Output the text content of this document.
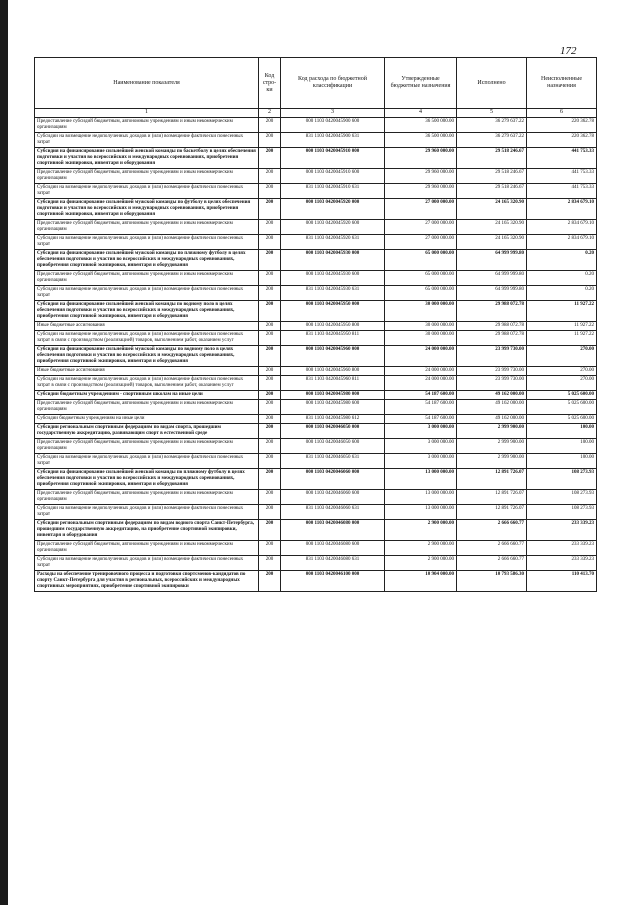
172
Наименование показателя	Код стро-ки	Код расхода по бюджетной классификации	Утвержденные бюджетные назначения	Исполнено	Неисполненные назначения
1	2	3	4	5	6
Предоставление субсидий бюджетным, автономным учреждениям и иным некоммерческим организациям	200	000 1103 0420045900 600	36 500 000.00	36 279 637.22	220 362.78
Субсидии на возмещение недополученных доходов и (или) возмещение фактически понесенных затрат	200	831 1103 0420045900 631	36 500 000.00	36 279 637.22	220 362.78
Субсидия на финансирование сильнейшей женской команды по баскетболу в целях обеспечения подготовки и участия во всероссийских и международных соревнованиях, приобретения спортивной экипировки, инвентаря и оборудования	200	000 1103 0420045910 000	29 960 000.00	29 518 246.67	441 753.33
Предоставление субсидий бюджетным, автономным учреждениям и иным некоммерческим организациям	200	000 1103 0420045910 600	29 960 000.00	29 518 246.67	441 753.33
Субсидии на возмещение недополученных доходов и (или) возмещение фактически понесенных затрат	200	831 1103 0420045910 631	29 960 000.00	29 518 246.67	441 753.33
Субсидия на финансирование сильнейшей мужской команды по футболу в целях обеспечения подготовки и участия во всероссийских и международных соревнованиях, приобретения спортивной экипировки, инвентаря и оборудования	200	000 1103 0420045920 000	27 000 000.00	24 165 320.90	2 834 679.10
Предоставление субсидий бюджетным, автономным учреждениям и иным некоммерческим организациям	200	000 1103 0420045920 600	27 000 000.00	24 165 320.90	2 834 679.10
Субсидии на возмещение недополученных доходов и (или) возмещение фактически понесенных затрат	200	831 1103 0420045920 631	27 000 000.00	24 165 320.90	2 834 679.10
Субсидия на финансирование сильнейшей мужской команды по пляжному футболу в целях обеспечения подготовки и участия во всероссийских и международных соревнованиях, приобретения спортивной экипировки, инвентаря и оборудования	200	000 1103 0420045930 000	65 000 000.00	64 999 999.80	0.20
Предоставление субсидий бюджетным, автономным учреждениям и иным некоммерческим организациям	200	000 1103 0420045930 600	65 000 000.00	64 999 999.80	0.20
Субсидии на возмещение недополученных доходов и (или) возмещение фактически понесенных затрат	200	831 1103 0420045930 631	65 000 000.00	64 999 999.80	0.20
Субсидия на финансирование сильнейшей женской команды по водному поло в целях обеспечения подготовки и участия во всероссийских и международных соревнованиях, приобретения спортивной экипировки, инвентаря и оборудования	200	000 1103 0420045950 000	30 000 000.00	29 988 072.78	11 927.22
Иные бюджетные ассигнования	200	000 1103 0420045950 800	30 000 000.00	29 988 072.78	11 927.22
Субсидии на возмещение недополученных доходов и (или) возмещение фактически понесенных затрат в связи с производством (реализацией) товаров, выполнением работ, оказанием услуг	200	831 1103 0420045950 811	30 000 000.00	29 988 072.78	11 927.22
Субсидия на финансирование сильнейшей мужской команды по водному поло в целях обеспечения подготовки и участия во всероссийских и международных соревнованиях, приобретения спортивной экипировки, инвентаря и оборудования	200	000 1103 0420045960 000	24 000 000.00	23 999 730.00	270.00
Иные бюджетные ассигнования	200	000 1103 0420045960 800	24 000 000.00	23 999 730.00	270.00
Субсидии на возмещение недополученных доходов и (или) возмещение фактически понесенных затрат в связи с производством (реализацией) товаров, выполнением работ, оказанием услуг	200	831 1103 0420045960 811	24 000 000.00	23 999 730.00	270.00
Субсидии бюджетным учреждениям - спортивным школам на иные цели	200	000 1103 0420045980 000	54 187 600.00	49 162 000.00	5 025 600.00
Предоставление субсидий бюджетным, автономным учреждениям и иным некоммерческим организациям	200	000 1103 0420045980 600	54 187 600.00	49 162 000.00	5 025 600.00
Субсидии бюджетным учреждениям на иные цели	200	831 1103 0420045980 612	54 187 600.00	49 162 000.00	5 025 600.00
Субсидии региональным спортивным федерациям по видам спорта, прошедшим государственную аккредитацию, развивающим спорт в естественной среде	200	000 1103 0420046050 000	3 000 000.00	2 999 900.00	100.00
Предоставление субсидий бюджетным, автономным учреждениям и иным некоммерческим организациям	200	000 1103 0420046050 600	3 000 000.00	2 999 900.00	100.00
Субсидии на возмещение недополученных доходов и (или) возмещение фактически понесенных затрат	200	831 1103 0420046050 631	3 000 000.00	2 999 900.00	100.00
Субсидия на финансирование сильнейшей женской команды по пляжному футболу в целях обеспечения подготовки и участия во всероссийских и международных соревнованиях, приобретения спортивной экипировки, инвентаря и оборудования	200	000 1103 0420046060 000	13 000 000.00	12 891 726.07	108 273.93
Предоставление субсидий бюджетным, автономным учреждениям и иным некоммерческим организациям	200	000 1103 0420046060 600	13 000 000.00	12 891 726.07	108 273.93
Субсидии на возмещение недополученных доходов и (или) возмещение фактически понесенных затрат	200	831 1103 0420046060 631	13 000 000.00	12 891 726.07	108 273.93
Субсидии региональным спортивным федерациям по видам водного спорта Санкт-Петербурга, прошедшим государственную аккредитацию, на приобретение спортивной экипировки, инвентаря и оборудования	200	000 1103 0420046080 000	2 900 000.00	2 666 660.77	233 339.23
Предоставление субсидий бюджетным, автономным учреждениям и иным некоммерческим организациям	200	000 1103 0420046080 600	2 900 000.00	2 666 660.77	233 339.23
Субсидии на возмещение недополученных доходов и (или) возмещение фактически понесенных затрат	200	831 1103 0420046080 631	2 900 000.00	2 666 660.77	233 339.23
Расходы на обеспечение тренировочного процесса и подготовки спортсменов-кандидатов по спорту Санкт-Петербурга для участия в региональных, всероссийских и международных спортивных мероприятиях, приобретение спортивной экипировки	200	000 1103 0420046100 000	10 904 000.00	10 793 586.30	110 413.70
